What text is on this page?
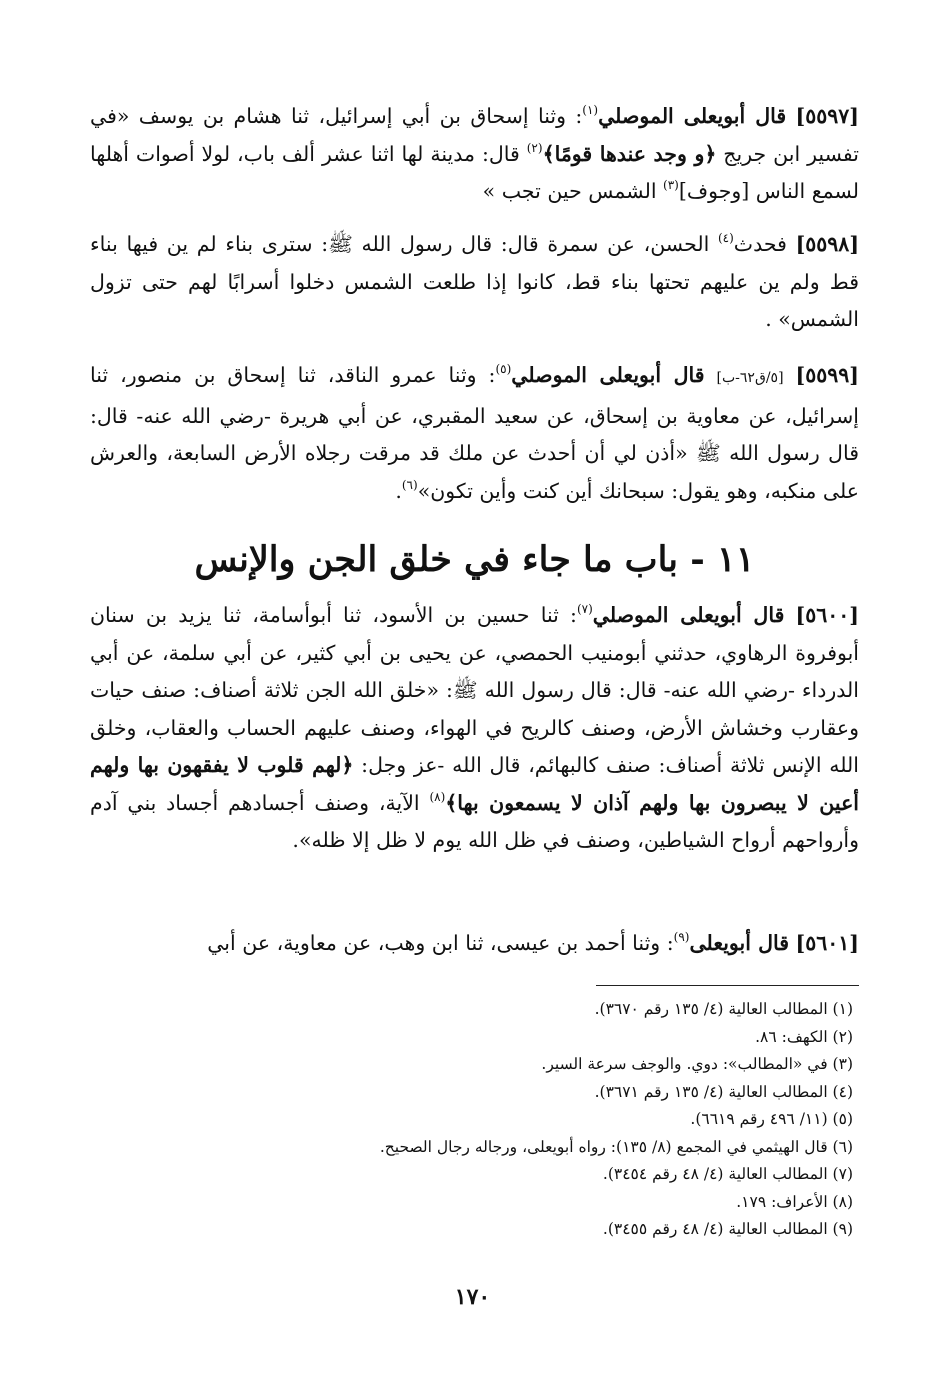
[٥٥٩٧] قال أبويعلى الموصلي$^{(١)}$: وثنا إسحاق بن أبي إسرائيل، ثنا هشام بن يوسف «في تفسير ابن جريج ﴿و وجد عندها قومًا﴾$^{(٢)}$ قال: مدينة لها اثنا عشر ألف باب، لولا أصوات أهلها لسمع الناس [وجوف]$^{(٣)}$ الشمس حين تجب »

[٥٥٩٨] فحدث$^{(٤)}$ الحسن، عن سمرة قال: قال رسول الله ﷺ: سترى بناء لم ين فيها بناء قط ولم ين عليهم تحتها بناء قط، كانوا إذا طلعت الشمس دخلوا أسرابًا لهم حتى تزول الشمس» .

[٥٥٩٩] [٥/ق٦٢-ب] قال أبويعلى الموصلي$^{(٥)}$: وثنا عمرو الناقد، ثنا إسحاق بن منصور، ثنا إسرائيل، عن معاوية بن إسحاق، عن سعيد المقبري، عن أبي هريرة -رضي الله عنه- قال: قال رسول الله ﷺ «أذن لي أن أحدث عن ملك قد مرقت رجلاه الأرض السابعة، والعرش على منكبه، وهو يقول: سبحانك أين كنت وأين تكون»$^{(٦)}$.

١١ - باب ما جاء في خلق الجن والإنس

[٥٦٠٠] قال أبويعلى الموصلي$^{(٧)}$: ثنا حسين بن الأسود، ثنا أبوأسامة، ثنا يزيد بن سنان أبوفروة الرهاوي، حدثني أبومنيب الحمصي، عن يحيى بن أبي كثير، عن أبي سلمة، عن أبي الدرداء -رضي الله عنه- قال: قال رسول الله ﷺ: «خلق الله الجن ثلاثة أصناف: صنف حيات وعقارب وخشاش الأرض، وصنف كالريح في الهواء، وصنف عليهم الحساب والعقاب، وخلق الله الإنس ثلاثة أصناف: صنف كالبهائم، قال الله -عز وجل: ﴿لهم قلوب لا يفقهون بها ولهم أعين لا يبصرون بها ولهم آذان لا يسمعون بها﴾$^{(٨)}$ الآية، وصنف أجسادهم أجساد بني آدم وأرواحهم أرواح الشياطين، وصنف في ظل الله يوم لا ظل إلا ظله».

[٥٦٠١] قال أبويعلى$^{(٩)}$: وثنا أحمد بن عيسى، ثنا ابن وهب، عن معاوية، عن أبي

(١) المطالب العالية (٤/ ١٣٥ رقم ٣٦٧٠).
(٢) الكهف: ٨٦.
(٣) في «المطالب»: دوي. والوجف سرعة السير.
(٤) المطالب العالية (٤/ ١٣٥ رقم ٣٦٧١).
(٥) (١١/ ٤٩٦ رقم ٦٦١٩).
(٦) قال الهيثمي في المجمع (٨/ ١٣٥): رواه أبويعلى، ورجاله رجال الصحيح.
(٧) المطالب العالية (٤/ ٤٨ رقم ٣٤٥٤).
(٨) الأعراف: ١٧٩.
(٩) المطالب العالية (٤/ ٤٨ رقم ٣٤٥٥).

١٧٠
